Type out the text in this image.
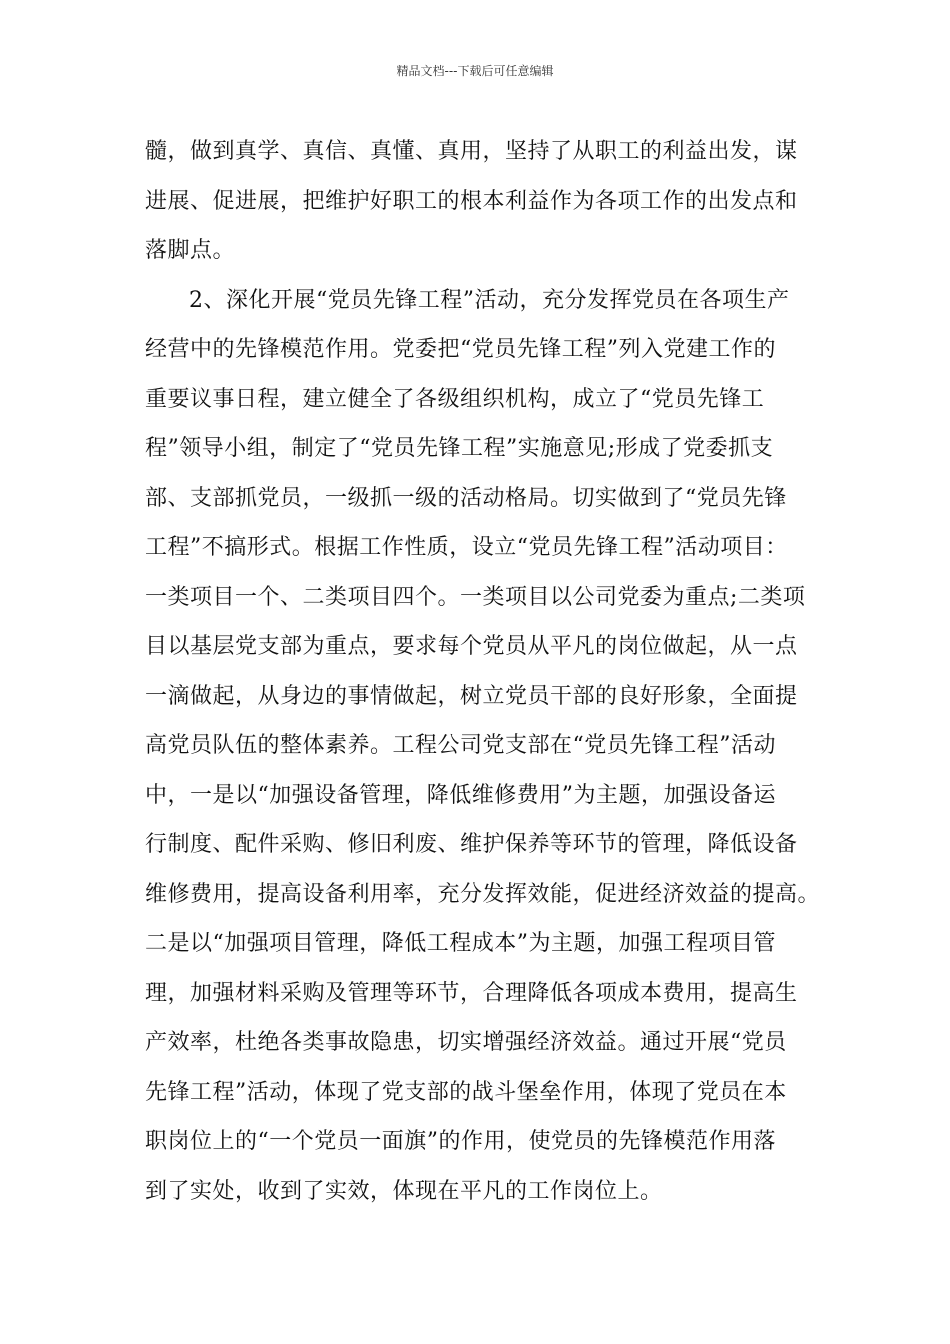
精品文档---下载后可任意编辑
髓，做到真学、真信、真懂、真用，坚持了从职工的利益出发，谋
进展、促进展，把维护好职工的根本利益作为各项工作的出发点和
落脚点。
2、深化开展“党员先锋工程”活动，充分发挥党员在各项生产
经营中的先锋模范作用。党委把“党员先锋工程”列入党建工作的
重要议事日程，建立健全了各级组织机构，成立了“党员先锋工
程”领导小组，制定了“党员先锋工程”实施意见;形成了党委抓支
部、支部抓党员，一级抓一级的活动格局。切实做到了“党员先锋
工程”不搞形式。根据工作性质，设立“党员先锋工程”活动项目：
一类项目一个、二类项目四个。一类项目以公司党委为重点;二类项
目以基层党支部为重点，要求每个党员从平凡的岗位做起，从一点
一滴做起，从身边的事情做起，树立党员干部的良好形象，全面提
高党员队伍的整体素养。工程公司党支部在“党员先锋工程”活动
中，一是以“加强设备管理，降低维修费用”为主题，加强设备运
行制度、配件采购、修旧利废、维护保养等环节的管理，降低设备
维修费用，提高设备利用率，充分发挥效能，促进经济效益的提高。
二是以“加强项目管理，降低工程成本”为主题，加强工程项目管
理，加强材料采购及管理等环节，合理降低各项成本费用，提高生
产效率，杜绝各类事故隐患，切实增强经济效益。通过开展“党员
先锋工程”活动，体现了党支部的战斗堡垒作用，体现了党员在本
职岗位上的“一个党员一面旗”的作用，使党员的先锋模范作用落
到了实处，收到了实效，体现在平凡的工作岗位上。
